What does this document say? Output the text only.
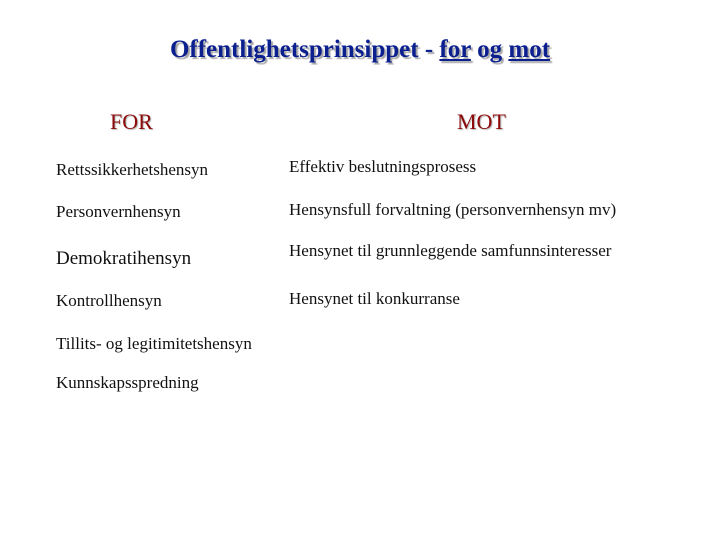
Offentlighetsprinsippet - for og mot
FOR	MOT
Rettssikkerhetshensyn
Personvernhensyn
Demokratihensyn
Kontrollhensyn
Tillits- og legitimitetshensyn
Kunnskapsspredning
Effektiv beslutningsprosess
Hensynsfull forvaltning (personvernhensyn mv)
Hensynet til grunnleggende samfunnsinteresser
Hensynet til konkurranse
